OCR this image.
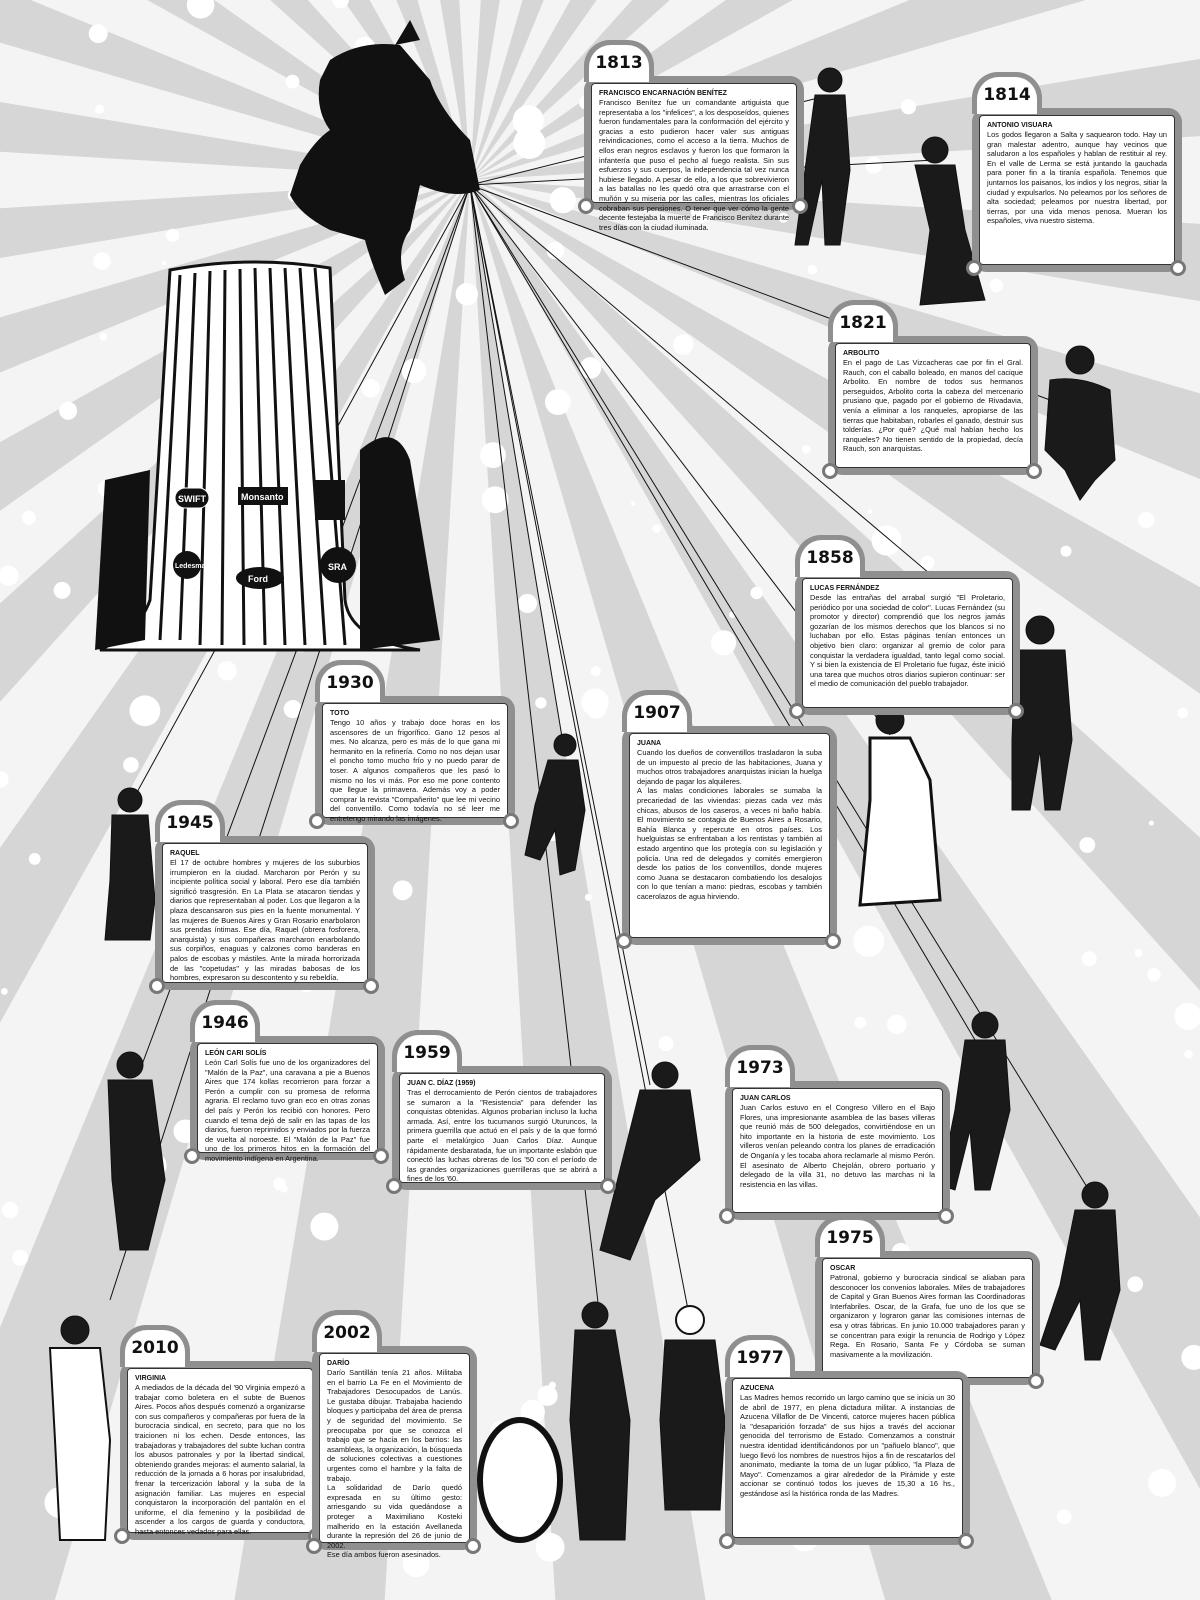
SWIFT	Monsanto
Ledesma
Ford
SRA
FRANCISCO ENCARNACIÓN BENÍTEZ
Francisco Benítez fue un comandante artiguista que representaba a los "infelices", a los desposeídos, quienes fueron fundamentales para la conformación del ejército y gracias a esto pudieron hacer valer sus antiguas reivindicaciones, como el acceso a la tierra. Muchos de ellos eran negros esclavos y fueron los que formaron la infantería que puso el pecho al fuego realista. Sin sus esfuerzos y sus cuerpos, la independencia tal vez nunca hubiese llegado. A pesar de ello, a los que sobrevivieron a las batallas no les quedó otra que arrastrarse con el muñón y su miseria por las calles, mientras los oficiales cobraban sus pensiones. O tener que ver cómo la gente decente festejaba la muerte de Francisco Benítez durante tres días con la ciudad iluminada.
1813
ANTONIO VISUARA
Los godos llegaron a Salta y saquearon todo. Hay un gran malestar adentro, aunque hay vecinos que saludaron a los españoles y hablan de restituir al rey. En el valle de Lerma se está juntando la gauchada para poner fin a la tiranía española. Tenemos que juntarnos los paisanos, los indios y los negros, sitiar la ciudad y expulsarlos. No peleamos por los señores de alta sociedad; peleamos por nuestra libertad, por tierras, por una vida menos penosa. Mueran los españoles, viva nuestro sistema.
1814
ARBOLITO
En el pago de Las Vizcacheras cae por fin el Gral. Rauch, con el caballo boleado, en manos del cacique Arbolito. En nombre de todos sus hermanos perseguidos, Arbolito corta la cabeza del mercenario prusiano que, pagado por el gobierno de Rivadavia, venía a eliminar a los ranqueles, apropiarse de las tierras que habitaban, robarles el ganado, destruir sus tolderías. ¿Por qué? ¿Qué mal habían hecho los ranqueles? No tienen sentido de la propiedad, decía Rauch, son anarquistas.
1821
LUCAS FERNÁNDEZ
Desde las entrañas del arrabal surgió "El Proletario, periódico por una sociedad de color". Lucas Fernández (su promotor y director) comprendió que los negros jamás gozarían de los mismos derechos que los blancos si no luchaban por ello. Estas páginas tenían entonces un objetivo bien claro: organizar al gremio de color para conquistar la verdadera igualdad, tanto legal como social. Y si bien la existencia de El Proletario fue fugaz, éste inició una tarea que muchos otros diarios supieron continuar: ser el medio de comunicación del pueblo trabajador.
1858
TOTO
Tengo 10 años y trabajo doce horas en los ascensores de un frigorífico. Gano 12 pesos al mes. No alcanza, pero es más de lo que gana mi hermanito en la refinería. Como no nos dejan usar el poncho tomo mucho frío y no puedo parar de toser. A algunos compañeros que les pasó lo mismo no los vi más. Por eso me pone contento que llegue la primavera. Además voy a poder comprar la revista "Compañerito" que lee mi vecino del conventillo. Como todavía no sé leer me entretengo mirando las imágenes.
1930
JUANA
Cuando los dueños de conventillos trasladaron la suba de un impuesto al precio de las habitaciones, Juana y muchos otros trabajadores anarquistas inician la huelga dejando de pagar los alquileres.
A las malas condiciones laborales se sumaba la precariedad de las viviendas: piezas cada vez más chicas, abusos de los caseros, a veces ni baño había. El movimiento se contagia de Buenos Aires a Rosario, Bahía Blanca y repercute en otros países. Los huelguistas se enfrentaban a los rentistas y también al estado argentino que los protegía con su legislación y policía. Una red de delegados y comités emergieron desde los patios de los conventillos, donde mujeres como Juana se destacaron combatiendo los desalojos con lo que tenían a mano: piedras, escobas y también cacerolazos de agua hirviendo.
1907
RAQUEL
El 17 de octubre hombres y mujeres de los suburbios irrumpieron en la ciudad. Marcharon por Perón y su incipiente política social y laboral. Pero ese día también significó trasgresión. En La Plata se atacaron tiendas y diarios que representaban al poder. Los que llegaron a la plaza descansaron sus pies en la fuente monumental. Y las mujeres de Buenos Aires y Gran Rosario enarbolaron sus prendas íntimas. Ese día, Raquel (obrera fosforera, anarquista) y sus compañeras marcharon enarbolando sus corpiños, enaguas y calzones como banderas en palos de escobas y mástiles. Ante la mirada horrorizada de las "copetudas" y las miradas babosas de los hombres, expresaron su descontento y su rebeldía.
1945
LEÓN CARI SOLÍS
León Carl Solís fue uno de los organizadores del "Malón de la Paz", una caravana a pie a Buenos Aires que 174 kollas recorrieron para forzar a Perón a cumplir con su promesa de reforma agraria. El reclamo tuvo gran eco en otras zonas del país y Perón los recibió con honores. Pero cuando el tema dejó de salir en las tapas de los diarios, fueron reprimidos y enviados por la fuerza de vuelta al noroeste. El "Malón de la Paz" fue uno de los primeros hitos en la formación del movimiento indígena en Argentina.
1946
JUAN C. DÍAZ (1959)
Tras el derrocamiento de Perón cientos de trabajadores se sumaron a la "Resistencia" para defender las conquistas obtenidas. Algunos probarían incluso la lucha armada. Así, entre los tucumanos surgió Uturuncos, la primera guerrilla que actuó en el país y de la que formó parte el metalúrgico Juan Carlos Díaz. Aunque rápidamente desbaratada, fue un importante eslabón que conectó las luchas obreras de los '50 con el período de las grandes organizaciones guerrilleras que se abrirá a fines de los '60.
1959
JUAN CARLOS
Juan Carlos estuvo en el Congreso Villero en el Bajo Flores, una impresionante asamblea de las bases villeras que reunió más de 500 delegados, convirtiéndose en un hito importante en la historia de este movimiento. Los villeros venían peleando contra los planes de erradicación de Onganía y les tocaba ahora reclamarle al mismo Perón. El asesinato de Alberto Chejolán, obrero portuario y delegado de la villa 31, no detuvo las marchas ni la resistencia en las villas.
1973
OSCAR
Patronal, gobierno y burocracia sindical se aliaban para desconocer los convenios laborales. Miles de trabajadores de Capital y Gran Buenos Aires forman las Coordinadoras Interfabriles. Oscar, de la Grafa, fue uno de los que se organizaron y lograron ganar las comisiones internas de esa y otras fábricas. En junio 10.000 trabajadores paran y se concentran para exigir la renuncia de Rodrigo y López Rega. En Rosario, Santa Fe y Córdoba se suman masivamente a la movilización.
1975
VIRGINIA
A mediados de la década del '90 Virginia empezó a trabajar como boletera en el subte de Buenos Aires. Pocos años después comenzó a organizarse con sus compañeros y compañeras por fuera de la burocracia sindical, en secreto, para que no los traicionen ni los echen. Desde entonces, las trabajadoras y trabajadores del subte luchan contra los abusos patronales y por la libertad sindical, obteniendo grandes mejoras: el aumento salarial, la reducción de la jornada a 6 horas por insalubridad, frenar la tercerización laboral y la suba de la asignación familiar. Las mujeres en especial conquistaron la incorporación del pantalón en el uniforme, el día femenino y la posibilidad de ascender a los cargos de guarda y conductora, hasta entonces vedados para ellas.
2010
DARÍO
Darío Santillán tenía 21 años. Militaba en el barrio La Fe en el Movimiento de Trabajadores Desocupados de Lanús. Le gustaba dibujar. Trabajaba haciendo bloques y participaba del área de prensa y de seguridad del movimiento. Se preocupaba por que se conozca el trabajo que se hacía en los barrios: las asambleas, la organización, la búsqueda de soluciones colectivas a cuestiones urgentes como el hambre y la falta de trabajo.
La solidaridad de Darío quedó expresada en su último gesto: arriesgando su vida quedándose a proteger a Maximiliano Kosteki malherido en la estación Avellaneda durante la represión del 26 de junio de 2002.
Ese día ambos fueron asesinados.
2002
AZUCENA
Las Madres hemos recorrido un largo camino que se inicia un 30 de abril de 1977, en plena dictadura militar. A instancias de Azucena Villaflor de De Vincenti, catorce mujeres hacen pública la "desaparición forzada" de sus hijos a través del accionar genocida del terrorismo de Estado. Comenzamos a construir nuestra identidad identificándonos por un "pañuelo blanco", que luego llevó los nombres de nuestros hijos a fin de rescatarlos del anonimato, mediante la toma de un lugar público, "la Plaza de Mayo". Comenzamos a girar alrededor de la Pirámide y este accionar se continuó todos los jueves de 15,30 a 16 hs., gestándose así la histórica ronda de las Madres.
1977
